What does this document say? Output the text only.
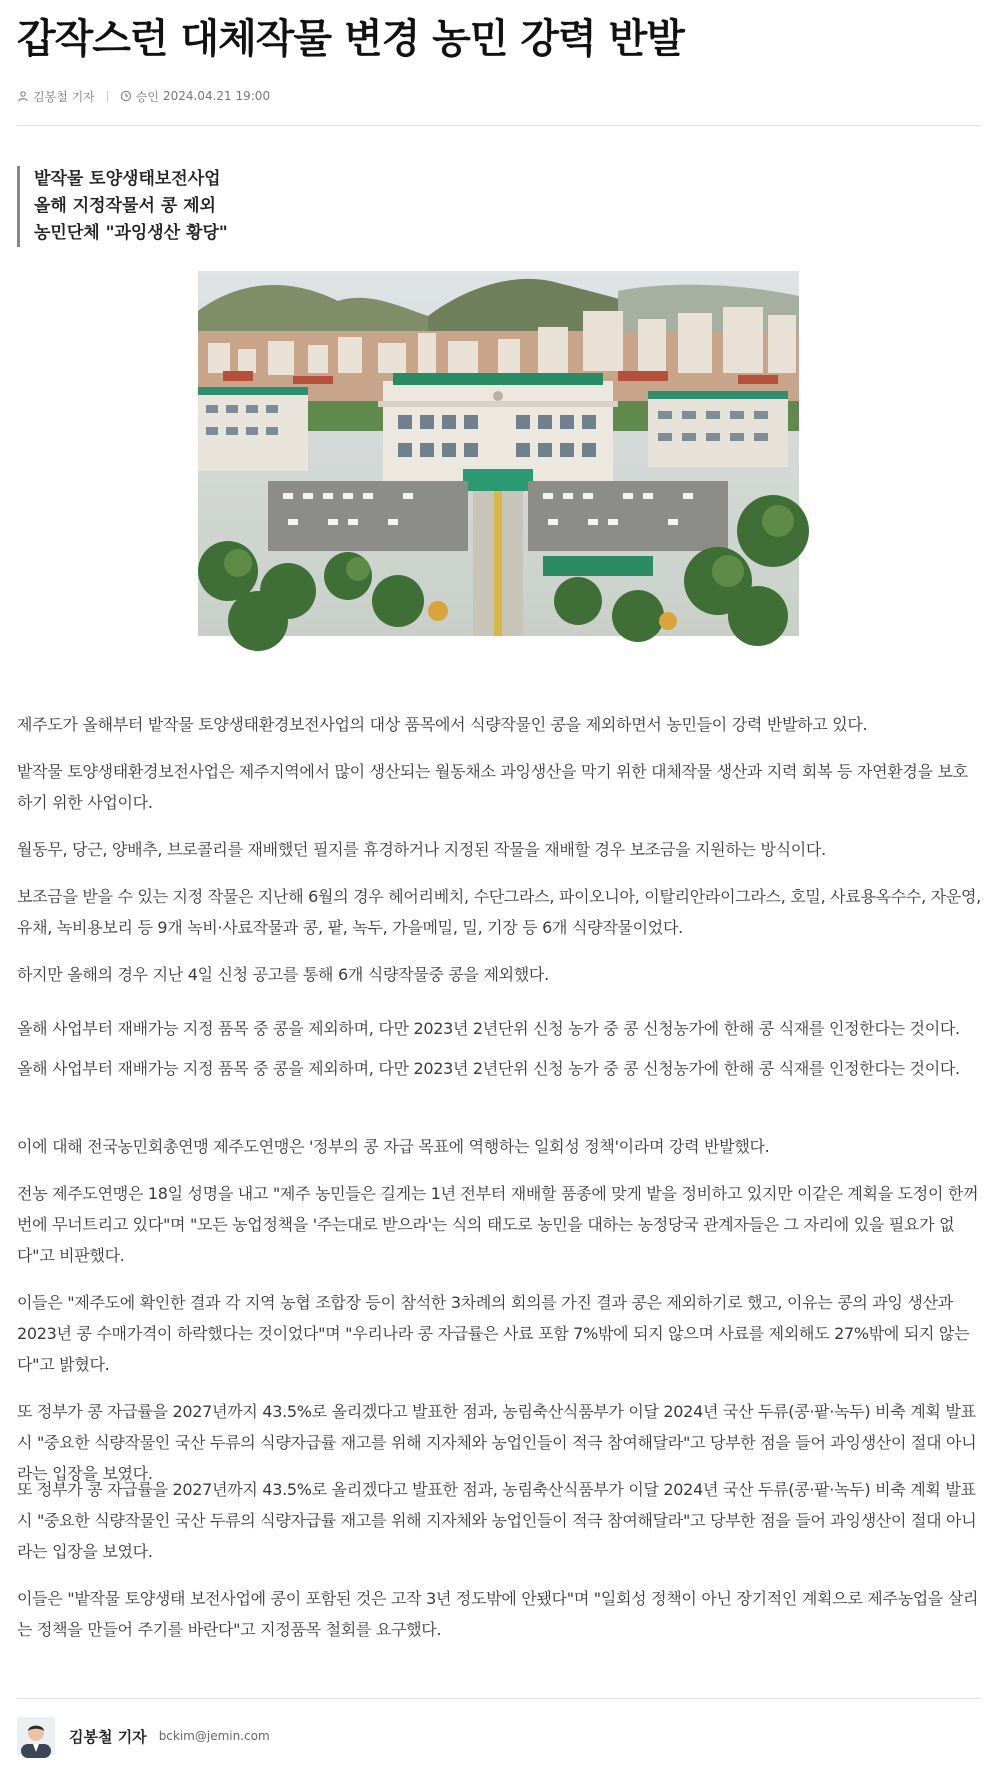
갑작스런 대체작물 변경 농민 강력 반발
김봉철 기자	승인 2024.04.21 19:00
밭작물 토양생태보전사업
올해 지정작물서 콩 제외
농민단체 "과잉생산 황당"

제주도가 올해부터 밭작물 토양생태환경보전사업의 대상 품목에서 식량작물인 콩을 제외하면서 농민들이 강력 반발하고 있다.

밭작물 토양생태환경보전사업은 제주지역에서 많이 생산되는 월동채소 과잉생산을 막기 위한 대체작물 생산과 지력 회복 등 자연환경을 보호하기 위한 사업이다.

월동무, 당근, 양배추, 브로콜리를 재배했던 필지를 휴경하거나 지정된 작물을 재배할 경우 보조금을 지원하는 방식이다.

보조금을 받을 수 있는 지정 작물은 지난해 6월의 경우 헤어리베치, 수단그라스, 파이오니아, 이탈리안라이그라스, 호밀, 사료용옥수수, 자운영, 유채, 녹비용보리 등 9개 녹비·사료작물과 콩, 팥, 녹두, 가을메밀, 밀, 기장 등 6개 식량작물이었다.

하지만 올해의 경우 지난 4일 신청 공고를 통해 6개 식량작물중 콩을 제외했다.

올해 사업부터 재배가능 지정 품목 중 콩을 제외하며, 다만 2023년 2년단위 신청 농가 중 콩 신청농가에 한해 콩 식재를 인정한다는 것이다.

올해 사업부터 재배가능 지정 품목 중 콩을 제외하며, 다만 2023년 2년단위 신청 농가 중 콩 신청농가에 한해 콩 식재를 인정한다는 것이다.

이에 대해 전국농민회총연맹 제주도연맹은 '정부의 콩 자급 목표에 역행하는 일회성 정책'이라며 강력 반발했다.

전농 제주도연맹은 18일 성명을 내고 "제주 농민들은 길게는 1년 전부터 재배할 품종에 맞게 밭을 정비하고 있지만 이같은 계획을 도정이 한꺼번에 무너트리고 있다"며 "모든 농업정책을 '주는대로 받으라'는 식의 태도로 농민을 대하는 농정당국 관계자들은 그 자리에 있을 필요가 없다"고 비판했다.

이들은 "제주도에 확인한 결과 각 지역 농협 조합장 등이 참석한 3차례의 회의를 가진 결과 콩은 제외하기로 했고, 이유는 콩의 과잉 생산과 2023년 콩 수매가격이 하락했다는 것이었다"며 "우리나라 콩 자급률은 사료 포함 7%밖에 되지 않으며 사료를 제외해도 27%밖에 되지 않는다"고 밝혔다.

또 정부가 콩 자급률을 2027년까지 43.5%로 올리겠다고 발표한 점과, 농림축산식품부가 이달 2024년 국산 두류(콩·팥·녹두) 비축 계획 발표시 "중요한 식량작물인 국산 두류의 식량자급률 재고를 위해 지자체와 농업인들이 적극 참여해달라"고 당부한 점을 들어 과잉생산이 절대 아니라는 입장을 보였다.

또 정부가 콩 자급률을 2027년까지 43.5%로 올리겠다고 발표한 점과, 농림축산식품부가 이달 2024년 국산 두류(콩·팥·녹두) 비축 계획 발표시 "중요한 식량작물인 국산 두류의 식량자급률 재고를 위해 지자체와 농업인들이 적극 참여해달라"고 당부한 점을 들어 과잉생산이 절대 아니라는 입장을 보였다.

이들은 "밭작물 토양생태 보전사업에 콩이 포함된 것은 고작 3년 정도밖에 안됐다"며 "일회성 정책이 아닌 장기적인 계획으로 제주농업을 살리는 정책을 만들어 주기를 바란다"고 지정품목 철회를 요구했다.

김봉철 기자 bckim@jemin.com
